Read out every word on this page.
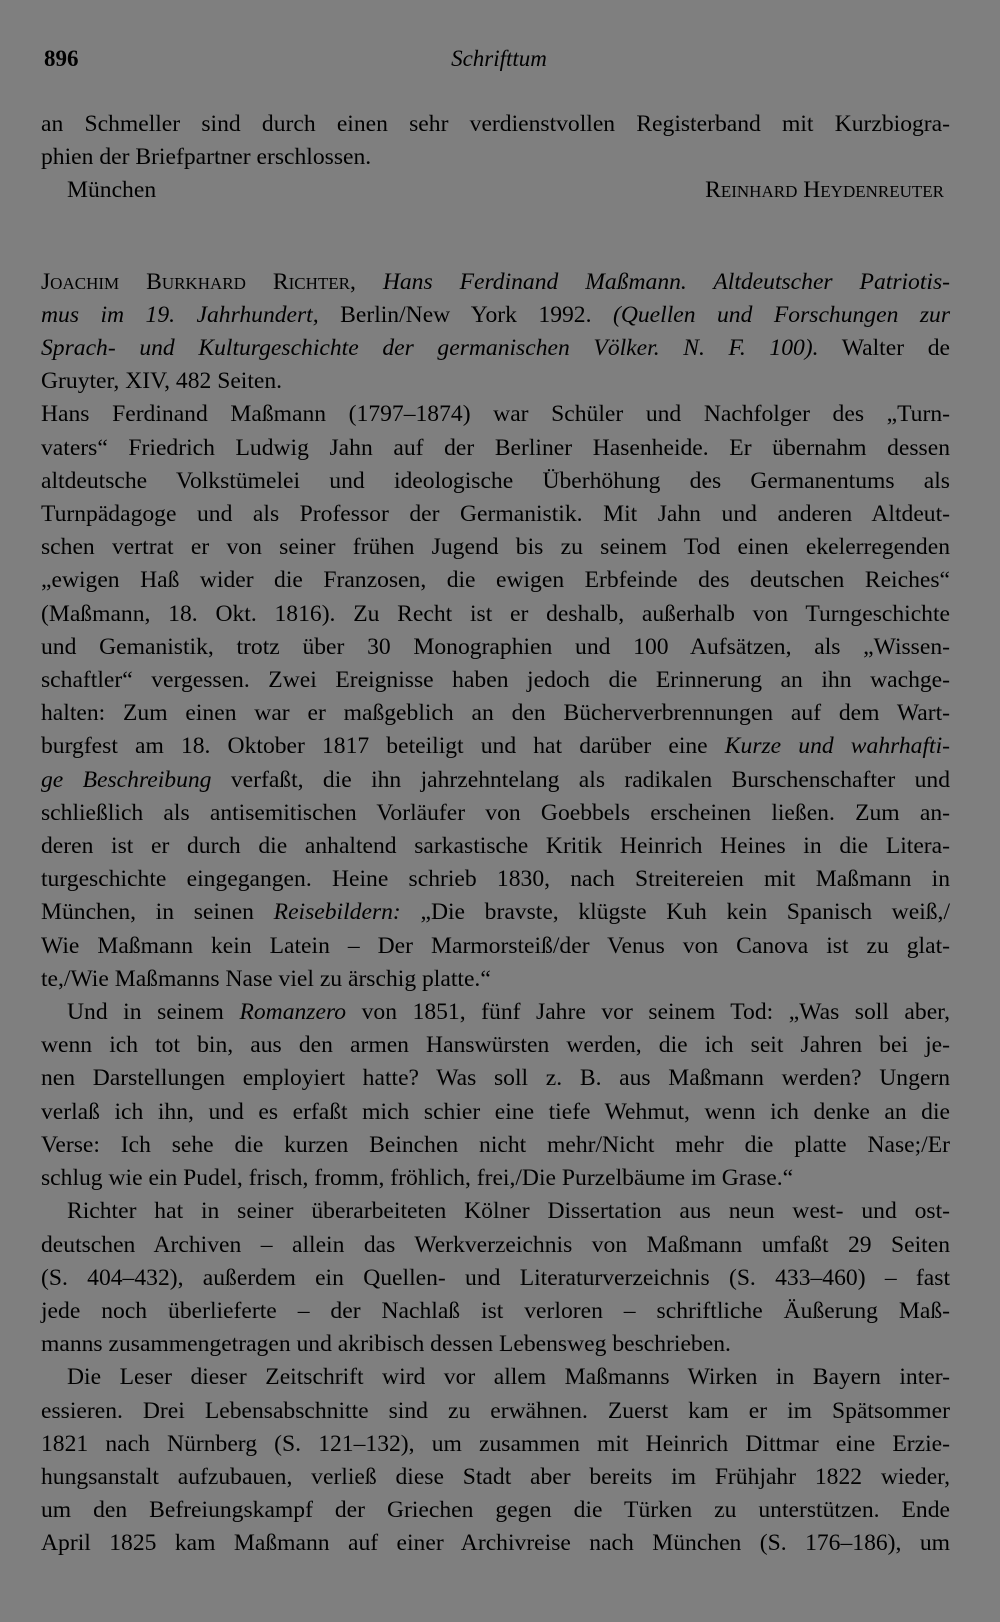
896	Schrifttum
an Schmeller sind durch einen sehr verdienstvollen Registerband mit Kurzbiogra-
phien der Briefpartner erschlossen.
München	Reinhard Heydenreuter
Joachim Burkhard Richter, Hans Ferdinand Maßmann. Altdeutscher Patriotis-
mus im 19. Jahrhundert, Berlin/New York 1992. (Quellen und Forschungen zur
Sprach- und Kulturgeschichte der germanischen Völker. N. F. 100). Walter de
Gruyter, XIV, 482 Seiten.
Hans Ferdinand Maßmann (1797–1874) war Schüler und Nachfolger des „Turn-
vaters“ Friedrich Ludwig Jahn auf der Berliner Hasenheide. Er übernahm dessen
altdeutsche Volkstümelei und ideologische Überhöhung des Germanentums als
Turnpädagoge und als Professor der Germanistik. Mit Jahn und anderen Altdeut-
schen vertrat er von seiner frühen Jugend bis zu seinem Tod einen ekelerregenden
„ewigen Haß wider die Franzosen, die ewigen Erbfeinde des deutschen Reiches“
(Maßmann, 18. Okt. 1816). Zu Recht ist er deshalb, außerhalb von Turngeschichte
und Gemanistik, trotz über 30 Monographien und 100 Aufsätzen, als „Wissen-
schaftler“ vergessen. Zwei Ereignisse haben jedoch die Erinnerung an ihn wachge-
halten: Zum einen war er maßgeblich an den Bücherverbrennungen auf dem Wart-
burgfest am 18. Oktober 1817 beteiligt und hat darüber eine Kurze und wahrhafti-
ge Beschreibung verfaßt, die ihn jahrzehntelang als radikalen Burschenschafter und
schließlich als antisemitischen Vorläufer von Goebbels erscheinen ließen. Zum an-
deren ist er durch die anhaltend sarkastische Kritik Heinrich Heines in die Litera-
turgeschichte eingegangen. Heine schrieb 1830, nach Streitereien mit Maßmann in
München, in seinen Reisebildern: „Die bravste, klügste Kuh kein Spanisch weiß,/
Wie Maßmann kein Latein – Der Marmorsteiß/der Venus von Canova ist zu glat-
te,/Wie Maßmanns Nase viel zu ärschig platte.“
Und in seinem Romanzero von 1851, fünf Jahre vor seinem Tod: „Was soll aber,
wenn ich tot bin, aus den armen Hanswürsten werden, die ich seit Jahren bei je-
nen Darstellungen employiert hatte? Was soll z. B. aus Maßmann werden? Ungern
verlaß ich ihn, und es erfaßt mich schier eine tiefe Wehmut, wenn ich denke an die
Verse: Ich sehe die kurzen Beinchen nicht mehr/Nicht mehr die platte Nase;/Er
schlug wie ein Pudel, frisch, fromm, fröhlich, frei,/Die Purzelbäume im Grase.“
Richter hat in seiner überarbeiteten Kölner Dissertation aus neun west- und ost-
deutschen Archiven – allein das Werkverzeichnis von Maßmann umfaßt 29 Seiten
(S. 404–432), außerdem ein Quellen- und Literaturverzeichnis (S. 433–460) – fast
jede noch überlieferte – der Nachlaß ist verloren – schriftliche Äußerung Maß-
manns zusammengetragen und akribisch dessen Lebensweg beschrieben.
Die Leser dieser Zeitschrift wird vor allem Maßmanns Wirken in Bayern inter-
essieren. Drei Lebensabschnitte sind zu erwähnen. Zuerst kam er im Spätsommer
1821 nach Nürnberg (S. 121–132), um zusammen mit Heinrich Dittmar eine Erzie-
hungsanstalt aufzubauen, verließ diese Stadt aber bereits im Frühjahr 1822 wieder,
um den Befreiungskampf der Griechen gegen die Türken zu unterstützen. Ende
April 1825 kam Maßmann auf einer Archivreise nach München (S. 176–186), um
